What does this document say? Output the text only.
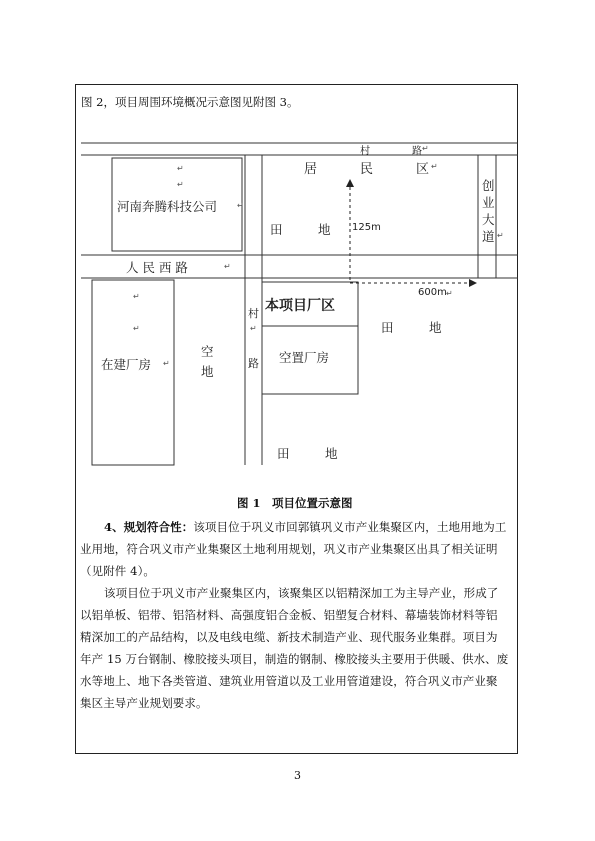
图 2，项目周围环境概况示意图见附图 3。
村	路 ↵
居	民	区 ↵
↵
↵
河南奔腾科技公司 ↵
田	地 125m
创
业
大
道 ↵
人 民 西 路	↵
600m ↵
↵
↵
本项目厂区
村
↵
路
田	地
空
地
在建厂房 ↵	空置厂房
田	地
图 1　项目位置示意图

4、规划符合性：该项目位于巩义市回郭镇巩义市产业集聚区内，土地用地为工

业用地，符合巩义市产业集聚区土地利用规划，巩义市产业集聚区出具了相关证明

（见附件 4）。

该项目位于巩义市产业聚集区内，该聚集区以铝精深加工为主导产业，形成了

以铝单板、铝带、铝箔材料、高强度铝合金板、铝塑复合材料、幕墙装饰材料等铝

精深加工的产品结构，以及电线电缆、新技术制造产业、现代服务业集群。项目为

年产 15 万台钢制、橡胶接头项目，制造的钢制、橡胶接头主要用于供暖、供水、废

水等地上、地下各类管道、建筑业用管道以及工业用管道建设，符合巩义市产业聚

集区主导产业规划要求。

3
